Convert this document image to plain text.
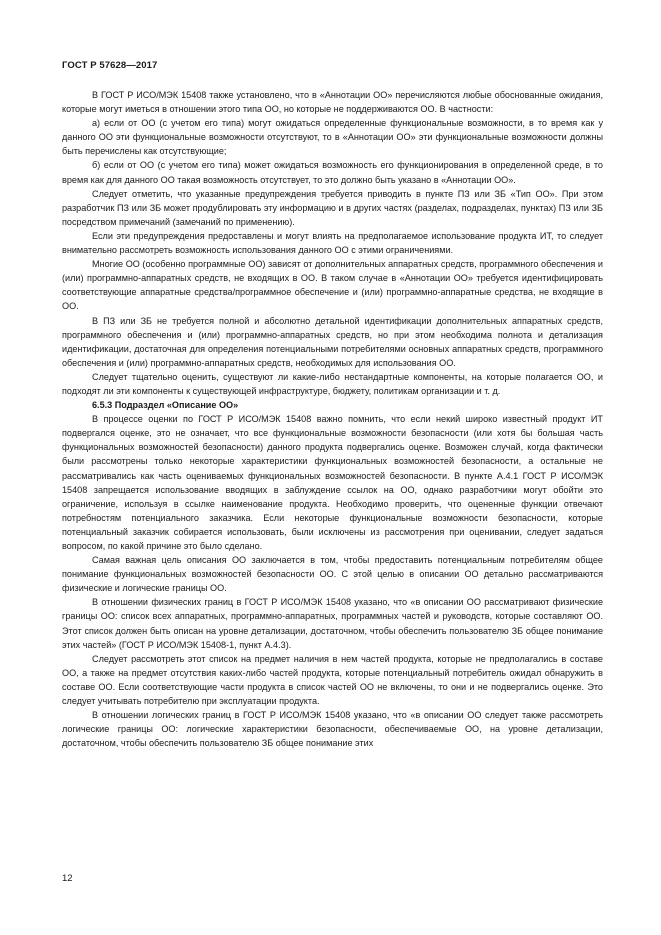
ГОСТ Р 57628—2017

В ГОСТ Р ИСО/МЭК 15408 также установлено, что в «Аннотации ОО» перечисляются любые обоснованные ожидания, которые могут иметься в отношении этого типа ОО, но которые не поддерживаются ОО. В частности:

а) если от ОО (с учетом его типа) могут ожидаться определенные функциональные возможности, в то время как у данного ОО эти функциональные возможности отсутствуют, то в «Аннотации ОО» эти функциональные возможности должны быть перечислены как отсутствующие;

б) если от ОО (с учетом его типа) может ожидаться возможность его функционирования в определенной среде, в то время как для данного ОО такая возможность отсутствует, то это должно быть указано в «Аннотации ОО».

Следует отметить, что указанные предупреждения требуется приводить в пункте ПЗ или ЗБ «Тип ОО». При этом разработчик ПЗ или ЗБ может продублировать эту информацию и в других частях (разделах, подразделах, пунктах) ПЗ или ЗБ посредством примечаний (замечаний по применению).

Если эти предупреждения предоставлены и могут влиять на предполагаемое использование продукта ИТ, то следует внимательно рассмотреть возможность использования данного ОО с этими ограничениями.

Многие ОО (особенно программные ОО) зависят от дополнительных аппаратных средств, программного обеспечения и (или) программно-аппаратных средств, не входящих в ОО. В таком случае в «Аннотации ОО» требуется идентифицировать соответствующие аппаратные средства/программное обеспечение и (или) программно-аппаратные средства, не входящие в ОО.

В ПЗ или ЗБ не требуется полной и абсолютно детальной идентификации дополнительных аппаратных средств, программного обеспечения и (или) программно-аппаратных средств, но при этом необходима полнота и детализация идентификации, достаточная для определения потенциальными потребителями основных аппаратных средств, программного обеспечения и (или) программно-аппаратных средств, необходимых для использования ОО.

Следует тщательно оценить, существуют ли какие-либо нестандартные компоненты, на которые полагается ОО, и подходят ли эти компоненты к существующей инфраструктуре, бюджету, политикам организации и т. д.

6.5.3 Подраздел «Описание ОО»

В процессе оценки по ГОСТ Р ИСО/МЭК 15408 важно помнить, что если некий широко известный продукт ИТ подвергался оценке, это не означает, что все функциональные возможности безопасности (или хотя бы большая часть функциональных возможностей безопасности) данного продукта подвергались оценке. Возможен случай, когда фактически были рассмотрены только некоторые характеристики функциональных возможностей безопасности, а остальные не рассматривались как часть оцениваемых функциональных возможностей безопасности. В пункте А.4.1 ГОСТ Р ИСО/МЭК 15408 запрещается использование вводящих в заблуждение ссылок на ОО, однако разработчики могут обойти это ограничение, используя в ссылке наименование продукта. Необходимо проверить, что оцененные функции отвечают потребностям потенциального заказчика. Если некоторые функциональные возможности безопасности, которые потенциальный заказчик собирается использовать, были исключены из рассмотрения при оценивании, следует задаться вопросом, по какой причине это было сделано.

Самая важная цель описания ОО заключается в том, чтобы предоставить потенциальным потребителям общее понимание функциональных возможностей безопасности ОО. С этой целью в описании ОО детально рассматриваются физические и логические границы ОО.

В отношении физических границ в ГОСТ Р ИСО/МЭК 15408 указано, что «в описании ОО рассматривают физические границы ОО: список всех аппаратных, программно-аппаратных, программных частей и руководств, которые составляют ОО. Этот список должен быть описан на уровне детализации, достаточном, чтобы обеспечить пользователю ЗБ общее понимание этих частей» (ГОСТ Р ИСО/МЭК 15408-1, пункт А.4.3).

Следует рассмотреть этот список на предмет наличия в нем частей продукта, которые не предполагались в составе ОО, а также на предмет отсутствия каких-либо частей продукта, которые потенциальный потребитель ожидал обнаружить в составе ОО. Если соответствующие части продукта в список частей ОО не включены, то они и не подвергались оценке. Это следует учитывать потребителю при эксплуатации продукта.

В отношении логических границ в ГОСТ Р ИСО/МЭК 15408 указано, что «в описании ОО следует также рассмотреть логические границы ОО: логические характеристики безопасности, обеспечиваемые ОО, на уровне детализации, достаточном, чтобы обеспечить пользователю ЗБ общее понимание этих

12
